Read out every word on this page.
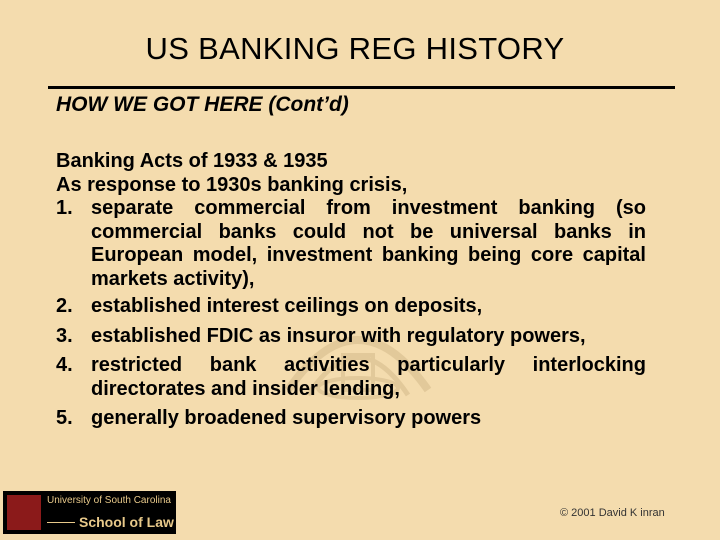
US BANKING REG HISTORY
HOW WE GOT HERE (Cont’d)
Banking Acts of 1933 & 1935
As response to 1930s banking crisis,
1. separate commercial from investment banking (so commercial banks could not be universal banks in European model, investment banking being core capital markets activity),
2. established interest ceilings on deposits,
3. established FDIC as insuror with regulatory powers,
4. restricted bank activities particularly interlocking directorates and insider lending,
5. generally broadened supervisory powers
University of South Carolina
School of Law
© 2001 David K inran
